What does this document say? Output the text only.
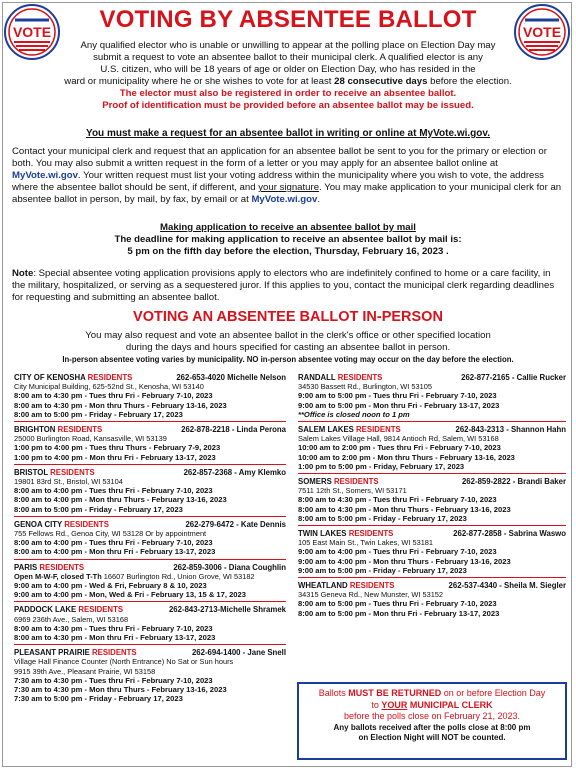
VOTE	VOTE
VOTING BY ABSENTEE BALLOT
Any qualified elector who is unable or unwilling to appear at the polling place on Election Day may
submit a request to vote an absentee ballot to their municipal clerk. A qualified elector is any
U.S. citizen, who will be 18 years of age or older on Election Day, who has resided in the
ward or municipality where he or she wishes to vote for at least 28 consecutive days before the election.
The elector must also be registered in order to receive an absentee ballot.
Proof of identification must be provided before an absentee ballot may be issued.
You must make a request for an absentee ballot in writing or online at MyVote.wi.gov.
Contact your municipal clerk and request that an application for an absentee ballot be sent to you for the primary or election or both. You may also submit a written request in the form of a letter or you may apply for an absentee ballot online at MyVote.wi.gov. Your written request must list your voting address within the municipality where you wish to vote, the address where the absentee ballot should be sent, if different, and your signature. You may make application to your municipal clerk for an absentee ballot in person, by mail, by fax, by email or at MyVote.wi.gov.
Making application to receive an absentee ballot by mail
The deadline for making application to receive an absentee ballot by mail is:
5 pm on the fifth day before the election, Thursday, February 16, 2023 .
Note: Special absentee voting application provisions apply to electors who are indefinitely confined to home or a care facility, in the military, hospitalized, or serving as a sequestered juror. If this applies to you, contact the municipal clerk regarding deadlines for requesting and submitting an absentee ballot.
VOTING AN ABSENTEE BALLOT IN-PERSON
You may also request and vote an absentee ballot in the clerk's office or other specified location
during the days and hours specified for casting an absentee ballot in person.
In-person absentee voting varies by municipality. NO in-person absentee voting may occur on the day before the election.
CITY OF KENOSHA RESIDENTS	262-653-4020 Michelle Nelson
City Municipal Building, 625-52nd St., Kenosha, WI 53140
8:00 am to 4:30 pm - Tues thru Fri - February 7-10, 2023
8:00 am to 4:30 pm - Mon thru Thurs - February 13-16, 2023
8:00 am to 5:00 pm - Friday - February 17, 2023
BRIGHTON RESIDENTS	262-878-2218 - Linda Perona
25000 Burlington Road, Kansasville, WI 53139
1:00 pm to 4:00 pm - Tues thru Thurs - February 7-9, 2023
1:00 pm to 4:00 pm - Mon thru Fri - February 13-17, 2023
BRISTOL RESIDENTS	262-857-2368 - Amy Klemko
19801 83rd St., Bristol, WI 53104
8:00 am to 4:00 pm - Tues thru Fri - February 7-10, 2023
8:00 am to 4:00 pm - Mon thru Thurs - February 13-16, 2023
8:00 am to 5:00 pm - Friday - February 17, 2023
GENOA CITY RESIDENTS	262-279-6472 - Kate Dennis
755 Fellows Rd., Genoa City, WI 53128 Or by appointment
8:00 am to 4:00 pm - Tues thru Fri - February 7-10, 2023
8:00 am to 4:00 pm - Mon thru Fri - February 13-17, 2023
PARIS RESIDENTS	262-859-3006 - Diana Coughlin
Open M-W-F, closed T-Th 16607 Burlington Rd., Union Grove, WI 53182
9:00 am to 4:00 pm - Wed & Fri, February 8 & 10, 2023
9:00 am to 4:00 pm - Mon, Wed & Fri - February 13, 15 & 17, 2023
PADDOCK LAKE RESIDENTS	262-843-2713-Michelle Shramek
6969 236th Ave., Salem, WI 53168
8:00 am to 4:30 pm - Tues thru Fri - February 7-10, 2023
8:00 am to 4:30 pm - Mon thru Fri - February 13-17, 2023
PLEASANT PRAIRIE RESIDENTS	262-694-1400 - Jane Snell
Village Hall Finance Counter (North Entrance) No Sat or Sun hours
9915 39th Ave., Pleasant Prairie, WI 53158
7:30 am to 4:30 pm - Tues thru Fri - February 7-10, 2023
7:30 am to 4:30 pm - Mon thru Thurs - February 13-16, 2023
7:30 am to 5:00 pm - Friday - February 17, 2023
RANDALL RESIDENTS	262-877-2165 - Callie Rucker
34530 Bassett Rd., Burlington, WI 53105
9:00 am to 5:00 pm - Tues thru Fri - February 7-10, 2023
9:00 am to 5:00 pm - Mon thru Fri - February 13-17, 2023
**Office is closed noon to 1 pm
SALEM LAKES RESIDENTS	262-843-2313 - Shannon Hahn
Salem Lakes Village Hall, 9814 Antioch Rd, Salem, WI 53168
10:00 am to 2:00 pm - Tues thru Fri - February 7-10, 2023
10:00 am to 2:00 pm - Mon thru Thurs - February 13-16, 2023
1:00 pm to 5:00 pm - Friday, February 17, 2023
SOMERS RESIDENTS	262-859-2822 - Brandi Baker
7511 12th St., Somers, WI 53171
8:00 am to 4:30 pm - Tues thru Fri - February 7-10, 2023
8:00 am to 4:30 pm - Mon thru Thurs - February 13-16, 2023
8:00 am to 5:00 pm - Friday - February 17, 2023
TWIN LAKES RESIDENTS	262-877-2858 - Sabrina Waswo
105 East Main St., Twin Lakes, WI 53181
9:00 am to 4:00 pm - Tues thru Fri - February 7-10, 2023
9:00 am to 4:00 pm - Mon thru Thurs - February 13-16, 2023
9:00 am to 5:00 pm - Friday - February 17, 2023
WHEATLAND RESIDENTS	262-537-4340 - Sheila M. Siegler
34315 Geneva Rd., New Munster, WI 53152
8:00 am to 5:00 pm - Tues thru Fri - February 7-10, 2023
8:00 am to 5:00 pm - Mon thru Fri - February 13-17, 2023
Ballots MUST BE RETURNED on or before Election Day
to YOUR MUNICIPAL CLERK
before the polls close on February 21, 2023.
Any ballots received after the polls close at 8:00 pm
on Election Night will NOT be counted.
